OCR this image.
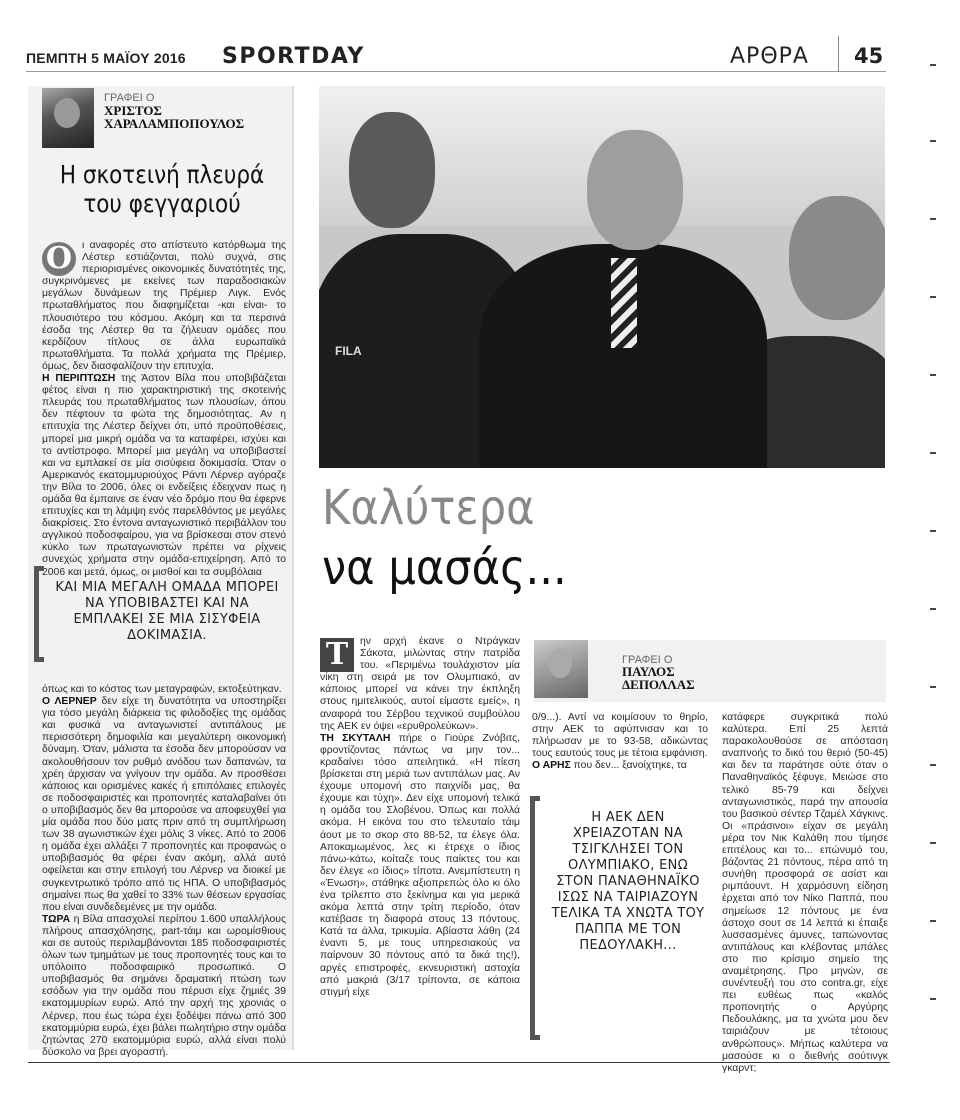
ΠΕΜΠΤΗ 5 ΜΑΪΟΥ 2016 SPORTDAY	ΑΡΘΡΑ 45
ΓΡΑΦΕΙ Ο
ΧΡΙΣΤΟΣ ΧΑΡΑΛΑΜΠΟΠΟΥΛΟΣ
Η σκοτεινή πλευρά του φεγγαριού
Ο ι αναφορές στο απίστευτο κατόρθωμα της Λέστερ εστιάζονται, πολύ συχνά, στις περιορισμένες οικονομικές δυνατότητές της, συγκρινόμενες με εκείνες των παραδοσιακών μεγάλων δυνάμεων της Πρέμιερ Λιγκ. Ενός πρωταθλήματος που διαφημίζεται -και είναι- το πλουσιότερο του κόσμου. Ακόμη και τα περσινά έσοδα της Λέστερ θα τα ζήλευαν ομάδες που κερδίζουν τίτλους σε άλλα ευρωπαϊκά πρωταθλήματα. Τα πολλά χρήματα της Πρέμιερ, όμως, δεν διασφαλίζουν την επιτυχία.
Η ΠΕΡΙΠΤΩΣΗ της Άστον Βίλα που υποβιβάζεται φέτος είναι η πιο χαρακτηριστική της σκοτεινής πλευράς του πρωταθλήματος των πλουσίων, όπου δεν πέφτουν τα φώτα της δημοσιότητας. Αν η επιτυχία της Λέστερ δείχνει ότι, υπό προϋποθέσεις, μπορεί μια μικρή ομάδα να τα καταφέρει, ισχύει και το αντίστροφο. Μπορεί μια μεγάλη να υποβιβαστεί και να εμπλακεί σε μία σισύφεια δοκιμασία. Όταν ο Αμερικανός εκατομμυριούχος Ράντι Λέρνερ αγόραζε την Βίλα το 2006, όλες οι ενδείξεις έδειχναν πως η ομάδα θα έμπαινε σε έναν νέο δρόμο που θα έφερνε επιτυχίες και τη λάμψη ενός παρελθόντος με μεγάλες διακρίσεις. Στο έντονα ανταγωνιστικό περιβάλλον του αγγλικού ποδοσφαίρου, για να βρίσκεσαι στον στενό κύκλο των πρωταγωνιστών πρέπει να ρίχνεις συνεχώς χρήματα στην ομάδα-επιχείρηση. Από το 2006 και μετά, όμως, οι μισθοί και τα συμβόλαια
ΚΑΙ ΜΙΑ ΜΕΓΑΛΗ ΟΜΑΔΑ ΜΠΟΡΕΙ ΝΑ ΥΠΟΒΙΒΑΣΤΕΙ ΚΑΙ ΝΑ ΕΜΠΛΑΚΕΙ ΣΕ ΜΙΑ ΣΙΣΥΦΕΙΑ ΔΟΚΙΜΑΣΙΑ.
όπως και το κόστος των μεταγραφών, εκτοξεύτηκαν.
Ο ΛΕΡΝΕΡ δεν είχε τη δυνατότητα να υποστηρίξει για τόσο μεγάλη διάρκεια τις φιλοδοξίες της ομάδας και φυσικά να ανταγωνιστεί αντιπάλους με περισσότερη δημοφιλία και μεγαλύτερη οικονομική δύναμη. Όταν, μάλιστα τα έσοδα δεν μπορούσαν να ακολουθήσουν τον ρυθμό ανόδου των δαπανών, τα χρέη άρχισαν να γνίγουν την ομάδα. Αν προσθέσει κάποιος και ορισμένες κακές ή επιπόλαιες επιλογές σε ποδοσφαιριστές και προπονητές καταλαβαίνει ότι ο υποβιβασμός δεν θα μπορούσε να αποφευχθεί για μία ομάδα που δύο ματς πριν από τη συμπλήρωση των 38 αγωνιστικών έχει μόλις 3 νίκες. Από το 2006 η ομάδα έχει αλλάξει 7 προπονητές και προφανώς ο υποβιβασμός θα φέρει έναν ακόμη, αλλά αυτό οφείλεται και στην επιλογή του Λέρνερ να διοικεί με συγκεντρωτικό τρόπο από τις ΗΠΑ. Ο υποβιβασμός σημαίνει πως θα χαθεί το 33% των θέσεων εργασίας που είναι συνδεδεμένες με την ομάδα.
ΤΩΡΑ η Βίλα απασχολεί περίπου 1.600 υπαλλήλους πλήρους απασχόλησης, part-τάιμ και ωρομίσθιους και σε αυτούς περιλαμβάνονται 185 ποδοσφαιριστές όλων των τμημάτων με τους προπονητές τους και το υπόλοιπο ποδοσφαιρικό προσωπικό. Ο υποβιβασμός θα σημάνει δραματική πτώση των εσόδων για την ομάδα που πέρυσι είχε ζημιές 39 εκατομμυρίων ευρώ. Από την αρχή της χρονιάς ο Λέρνερ, που έως τώρα έχει ξοδέψει πάνω από 300 εκατομμύρια ευρώ, έχει βάλει πωλητήριο στην ομάδα ζητώντας 270 εκατομμύρια ευρώ, αλλά είναι πολύ δύσκολο να βρει αγοραστή.
FILA
Καλύτερα
να μασάς...
Τ	ην αρχή έκανε ο Ντράγκαν Σάκοτα, μιλώντας στην πατρίδα του. «Περιμένω τουλάχιστον μία νίκη στη σειρά με τον Ολυμπιακό, αν κάποιος μπορεί να κάνει την έκπληξη στους ημιτελικούς, αυτοί είμαστε εμείς», η αναφορά του Σέρβου τεχνικού συμβούλου της ΑΕΚ εν όψει «ερυθρολεύκων».
ΤΗ ΣΚΥΤΑΛΗ πήρε ο Γιούρε Ζνόβιτς, φροντίζοντας πάντως να μην τον... κραδαίνει τόσο απειλητικά. «Η πίεση βρίσκεται στη μεριά των αντιπάλων μας. Αν έχουμε υπομονή στο παιχνίδι μας, θα έχουμε και τύχη». Δεν είχε υπομονή τελικά η ομάδα του Σλοβένου. Όπως και πολλά ακόμα. Η εικόνα του στο τελευταίο τάιμ άουτ με το σκορ στο 88-52, τα έλεγε όλα. Αποκαμωμένος, λες κι έτρεχε ο ίδιος πάνω-κάτω, κοίταζε τους παίκτες του και δεν έλεγε «ο ίδιος» τίποτα. Ανεμπίστευτη η «Ένωση», στάθηκε αξιοπρεπώς όλο κι όλο ένα τρίλεπτο στο ξεκίνημα και για μερικά ακόμα λεπτά στην τρίτη περίοδο, όταν κατέβασε τη διαφορά στους 13 πόντους. Κατά τα άλλα, τρικυμία. Αβίαστα λάθη (24 έναντι 5, με τους υπηρεσιακούς να παίρνουν 30 πόντους από τα δικά της!), αργές επιστροφές, εκνευριστική αστοχία από μακριά (3/17 τρίποντα, σε κάποια στιγμή είχε
ΓΡΑΦΕΙ Ο
ΠΑΥΛΟΣ ΔΕΠΟΛΛΑΣ
0/9...). Αντί να κοιμίσουν το θηρίο, στην ΑΕΚ το αφύπνισαν και το πλήρωσαν με το 93-58, αδικώντας τους εαυτούς τους με τέτοια εμφάνιση.
Ο ΑΡΗΣ που δεν... ξανοίχτηκε, τα
Η ΑΕΚ ΔΕΝ ΧΡΕΙΑΖΟΤΑΝ ΝΑ ΤΣΙΓΚΛΗΣΕΙ ΤΟΝ ΟΛΥΜΠΙΑΚΟ, ΕΝΩ ΣΤΟΝ ΠΑΝΑΘΗΝΑΪΚΟ ΙΣΩΣ ΝΑ ΤΑΙΡΙΑΖΟΥΝ ΤΕΛΙΚΑ ΤΑ ΧΝΩΤΑ ΤΟΥ ΠΑΠΠΑ ΜΕ ΤΟΝ ΠΕΔΟΥΛΑΚΗ...
κατάφερε συγκριτικά πολύ καλύτερα. Επί 25 λεπτά παρακολουθούσε σε απόσταση αναπνοής το δικό του θεριό (50-45) και δεν τα παράτησε ούτε όταν ο Παναθηναϊκός ξέφυγε. Μειώσε στο τελικό 85-79 και δείχνει ανταγωνιστικός, παρά την απουσία του βασικού σέντερ Τζαμέλ Χάγκινς. Οι «πράσινοι» είχαν σε μεγάλη μέρα τον Νικ Καλάθη που τίμησε επιτέλους και το... επώνυμό του, βάζοντας 21 πόντους, πέρα από τη συνήθη προσφορά σε ασίστ και ριμπάουντ. Η χαρμόσυνη είδηση έρχεται από τον Νίκο Παππά, που σημείωσε 12 πόντους με ένα άστοχο σουτ σε 14 λεπτά κι έπαιξε λυσσασμένες άμυνες, ταπώνοντας αντιπάλους και κλέβοντας μπάλες στο πιο κρίσιμο σημείο της αναμέτρησης. Προ μηνών, σε συνέντευξή του στο contra.gr, είχε πει ευθέως πως «καλός προπονητής ο Αργύρης Πεδουλάκης, μα τα χνώτα μου δεν ταιριάζουν με τέτοιους ανθρώπους». Μήπως καλύτερα να μασούσε κι ο διεθνής σούτινγκ γκαρντ;
